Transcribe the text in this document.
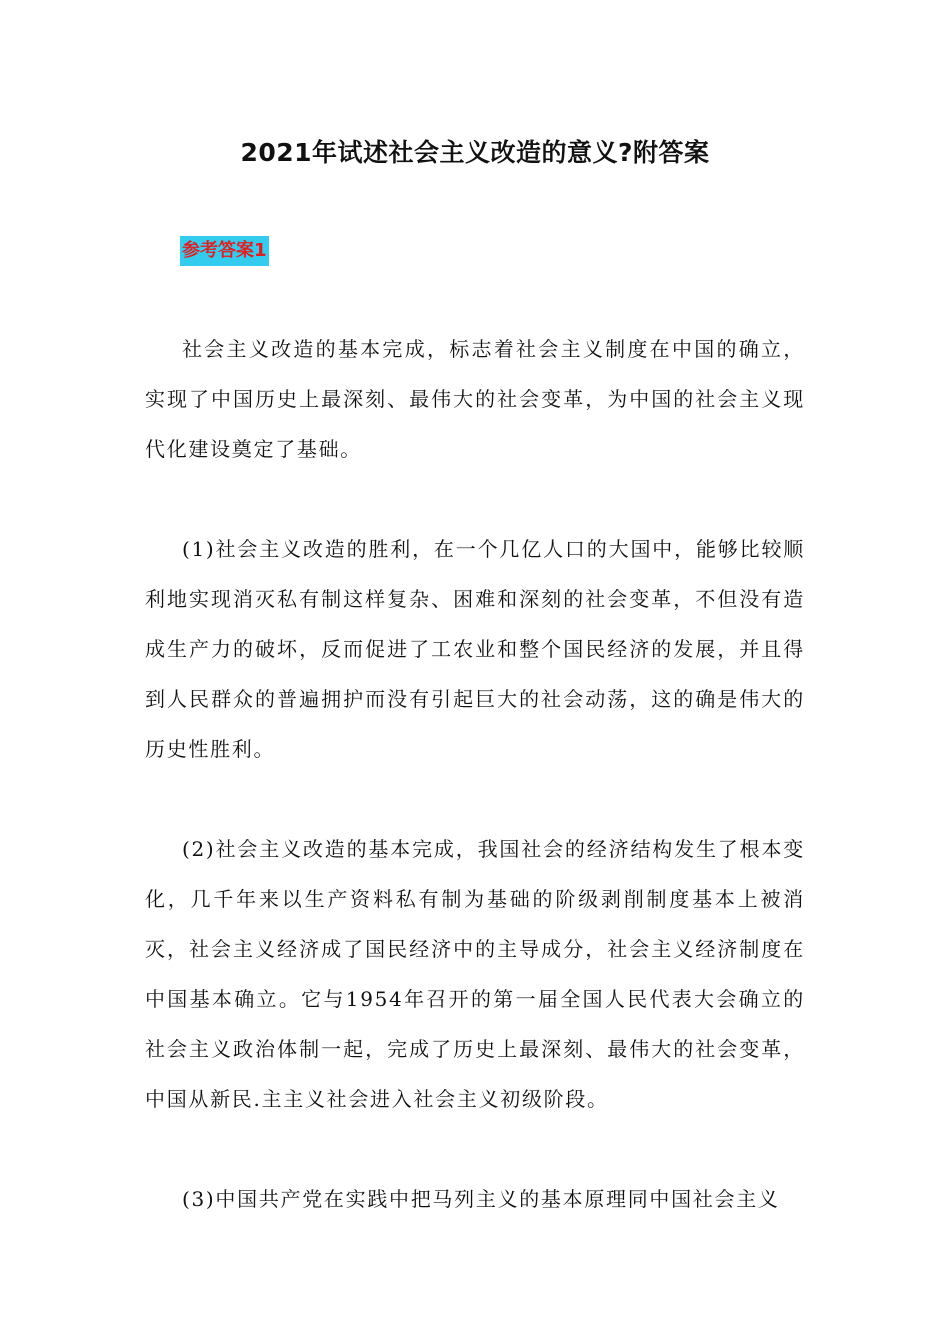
2021年试述社会主义改造的意义?附答案
参考答案1

社会主义改造的基本完成，标志着社会主义制度在中国的确立，实现了中国历史上最深刻、最伟大的社会变革，为中国的社会主义现代化建设奠定了基础。

(1)社会主义改造的胜利，在一个几亿人口的大国中，能够比较顺利地实现消灭私有制这样复杂、困难和深刻的社会变革，不但没有造成生产力的破坏，反而促进了工农业和整个国民经济的发展，并且得到人民群众的普遍拥护而没有引起巨大的社会动荡，这的确是伟大的历史性胜利。

(2)社会主义改造的基本完成，我国社会的经济结构发生了根本变化，几千年来以生产资料私有制为基础的阶级剥削制度基本上被消灭，社会主义经济成了国民经济中的主导成分，社会主义经济制度在中国基本确立。它与1954年召开的第一届全国人民代表大会确立的社会主义政治体制一起，完成了历史上最深刻、最伟大的社会变革，中国从新民.主主义社会进入社会主义初级阶段。

(3)中国共产党在实践中把马列主义的基本原理同中国社会主义
